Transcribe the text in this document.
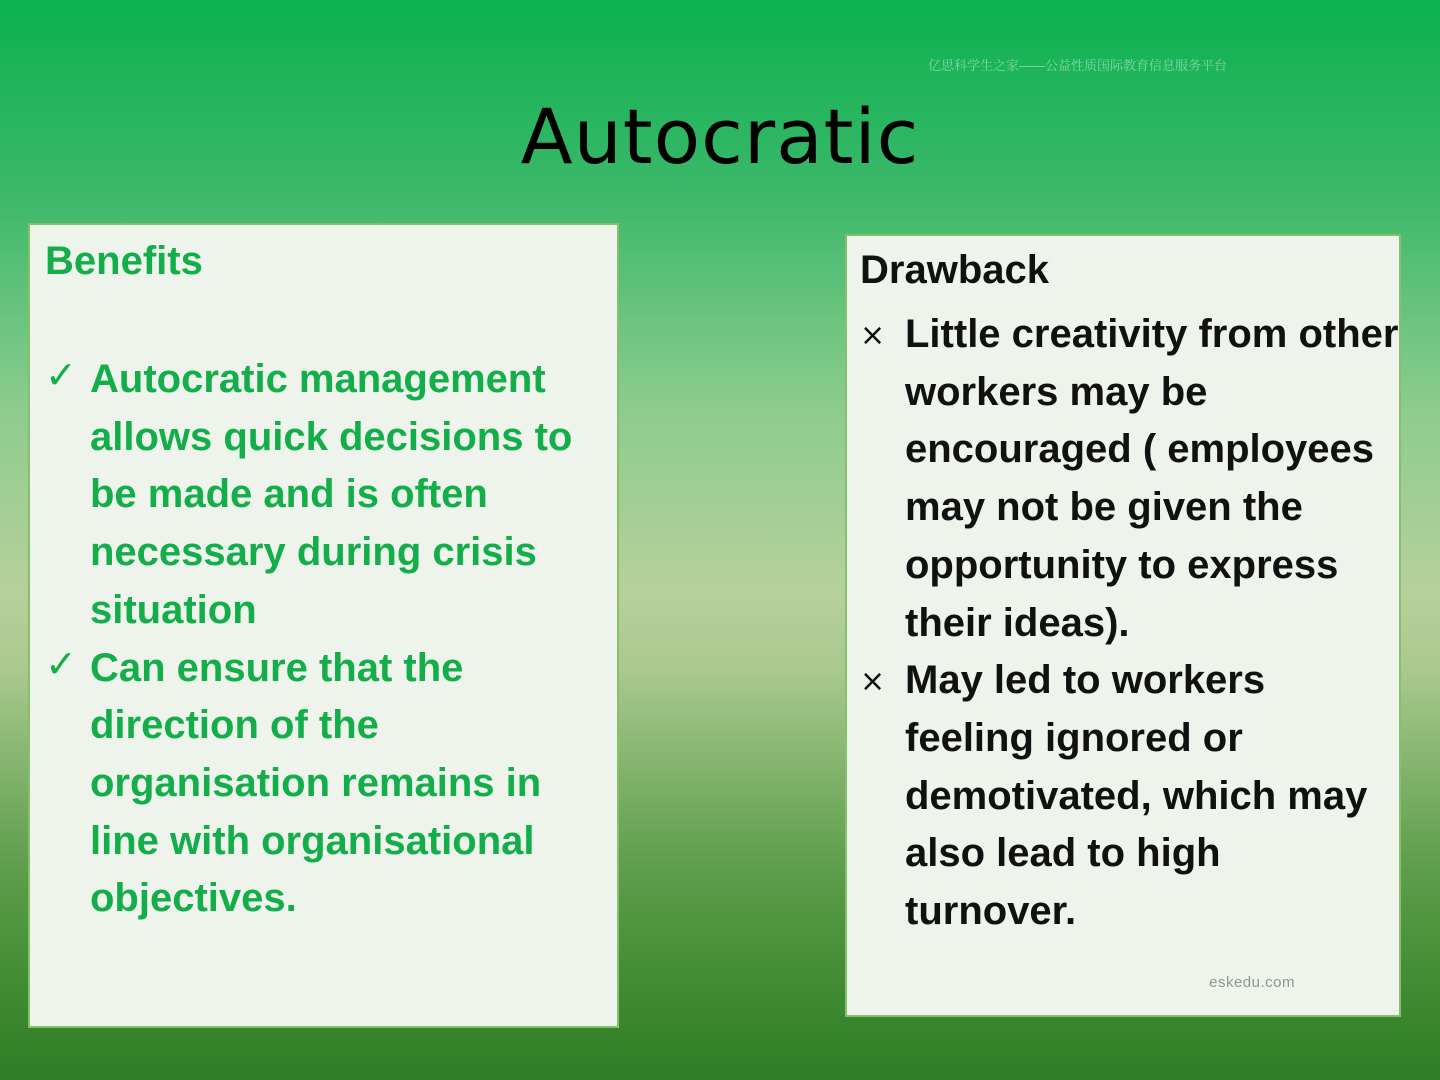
亿思科学生之家——公益性质国际教育信息服务平台
Autocratic
Benefits
✓ Autocratic management allows quick decisions to be made and is often necessary during crisis situation
✓ Can ensure that the direction of the organisation remains in line with organisational objectives.
Drawback
× Little creativity from other workers may be encouraged ( employees may not be given the opportunity to express their ideas).
× May led to workers feeling ignored or demotivated, which may also lead to high turnover.
eskedu.com
